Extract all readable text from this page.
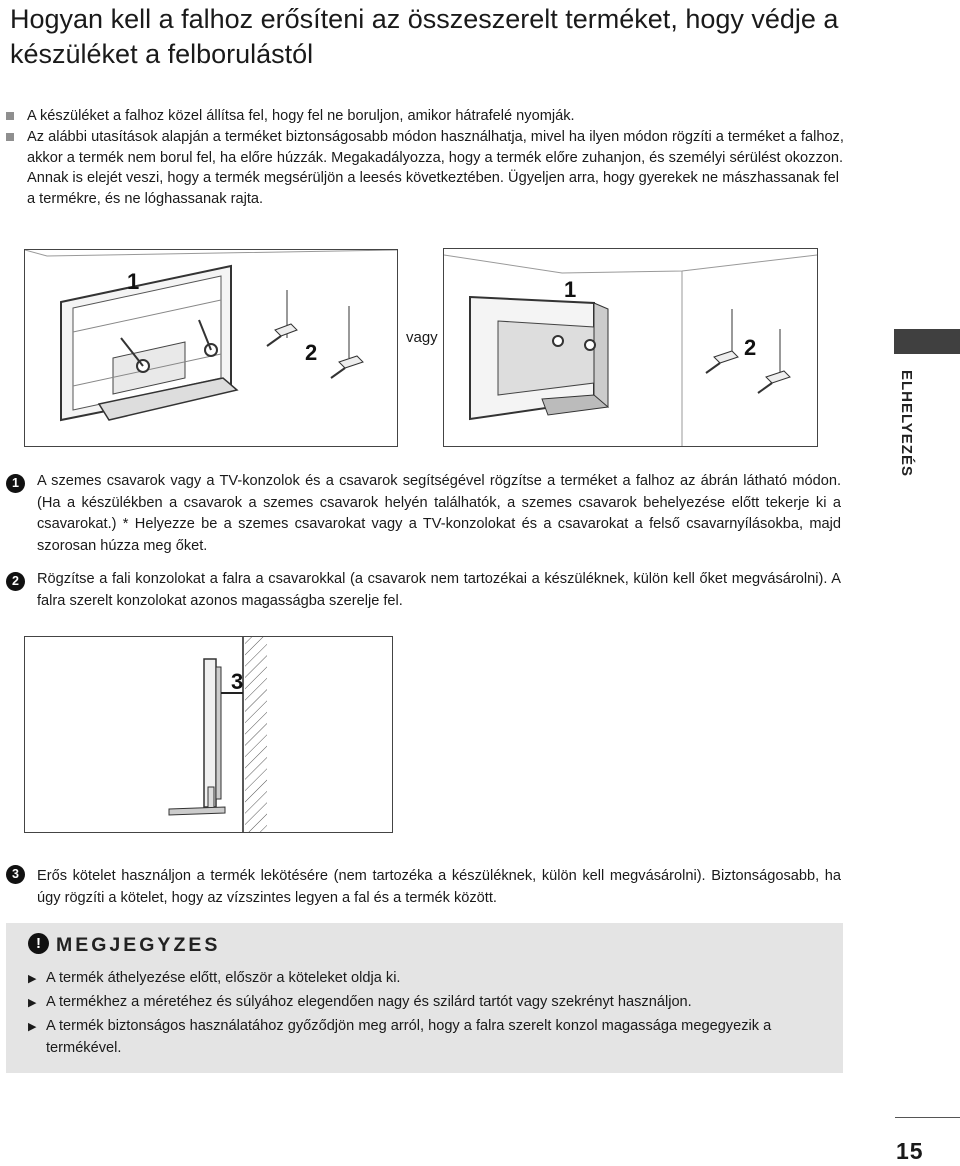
Hogyan kell a falhoz erősíteni az összeszerelt terméket, hogy védje a készüléket a felborulástól
A készüléket a falhoz közel állítsa fel, hogy fel ne boruljon, amikor hátrafelé nyomják.
Az alábbi utasítások alapján a terméket biztonságosabb módon használhatja, mivel ha ilyen módon rögzíti a terméket a falhoz, akkor a termék nem borul fel, ha előre húzzák. Megakadályozza, hogy a termék előre zuhanjon, és személyi sérülést okozzon. Annak is elejét veszi, hogy a termék megsérüljön a leesés következtében. Ügyeljen arra, hogy gyerekek ne mászhassanak fel a termékre, és ne lóghassanak rajta.
1
2
vagy
1
2
ELHELYEZÉS
1	A szemes csavarok vagy a TV-konzolok és a csavarok segítségével rögzítse a terméket a falhoz az ábrán látható módon. (Ha a készülékben a csavarok a szemes csavarok helyén találhatók, a szemes csavarok behelyezése előtt tekerje ki a csavarokat.) * Helyezze be a szemes csavarokat vagy a TV-konzolokat és a csavarokat a felső csavarnyílásokba, majd szorosan húzza meg őket.
2	Rögzítse a fali konzolokat a falra a csavarokkal (a csavarok nem tartozékai a készüléknek, külön kell őket megvásárolni). A falra szerelt konzolokat azonos magasságba szerelje fel.
3
3	Erős kötelet használjon a termék lekötésére (nem tartozéka a készüléknek, külön kell megvásárolni). Biztonságosabb, ha úgy rögzíti a kötelet, hogy az vízszintes legyen a fal és a termék között.
! MEGJEGYZES
▶ A termék áthelyezése előtt, először a köteleket oldja ki.
▶ A termékhez a méretéhez és súlyához elegendően nagy és szilárd tartót vagy szekrényt használjon.
▶ A termék biztonságos használatához győződjön meg arról, hogy a falra szerelt konzol magassága megegyezik a termékével.
15
